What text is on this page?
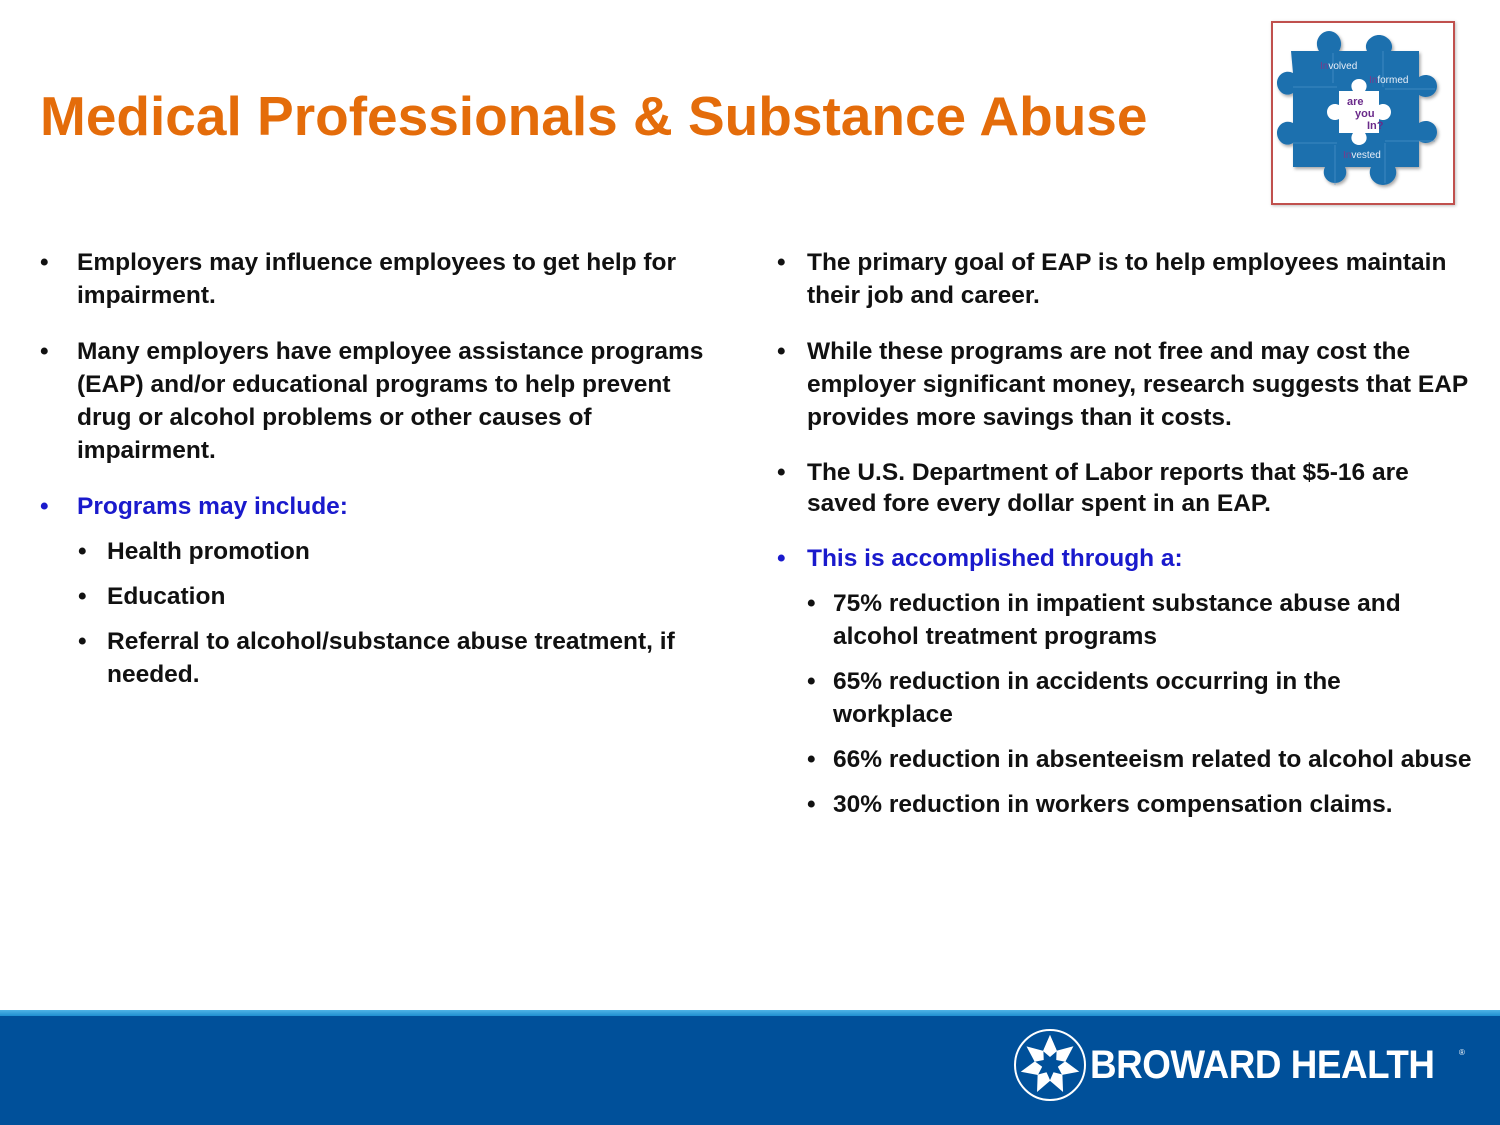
Medical Professionals & Substance Abuse
Involved
Informed
are
you
In?
Invested
•	Employers may influence employees to get help for impairment.
•	Many employers have employee assistance programs (EAP) and/or educational programs to help prevent drug or alcohol problems or other causes of impairment.
•	Programs may include:
• Health promotion
• Education
• Referral to alcohol/substance abuse treatment, if needed.
• The primary goal of EAP is to help employees maintain their job and career.
• While these programs are not free and may cost the employer significant money, research suggests that EAP provides more savings than it costs.
• The U.S. Department of Labor reports that $5-16 are saved fore every dollar spent in an EAP.
• This is accomplished through a:
• 75% reduction in impatient substance abuse and alcohol treatment programs
• 65% reduction in accidents occurring in the workplace
• 66% reduction in absenteeism related to alcohol abuse
• 30% reduction in workers compensation claims.
BROWARD HEALTH	®
